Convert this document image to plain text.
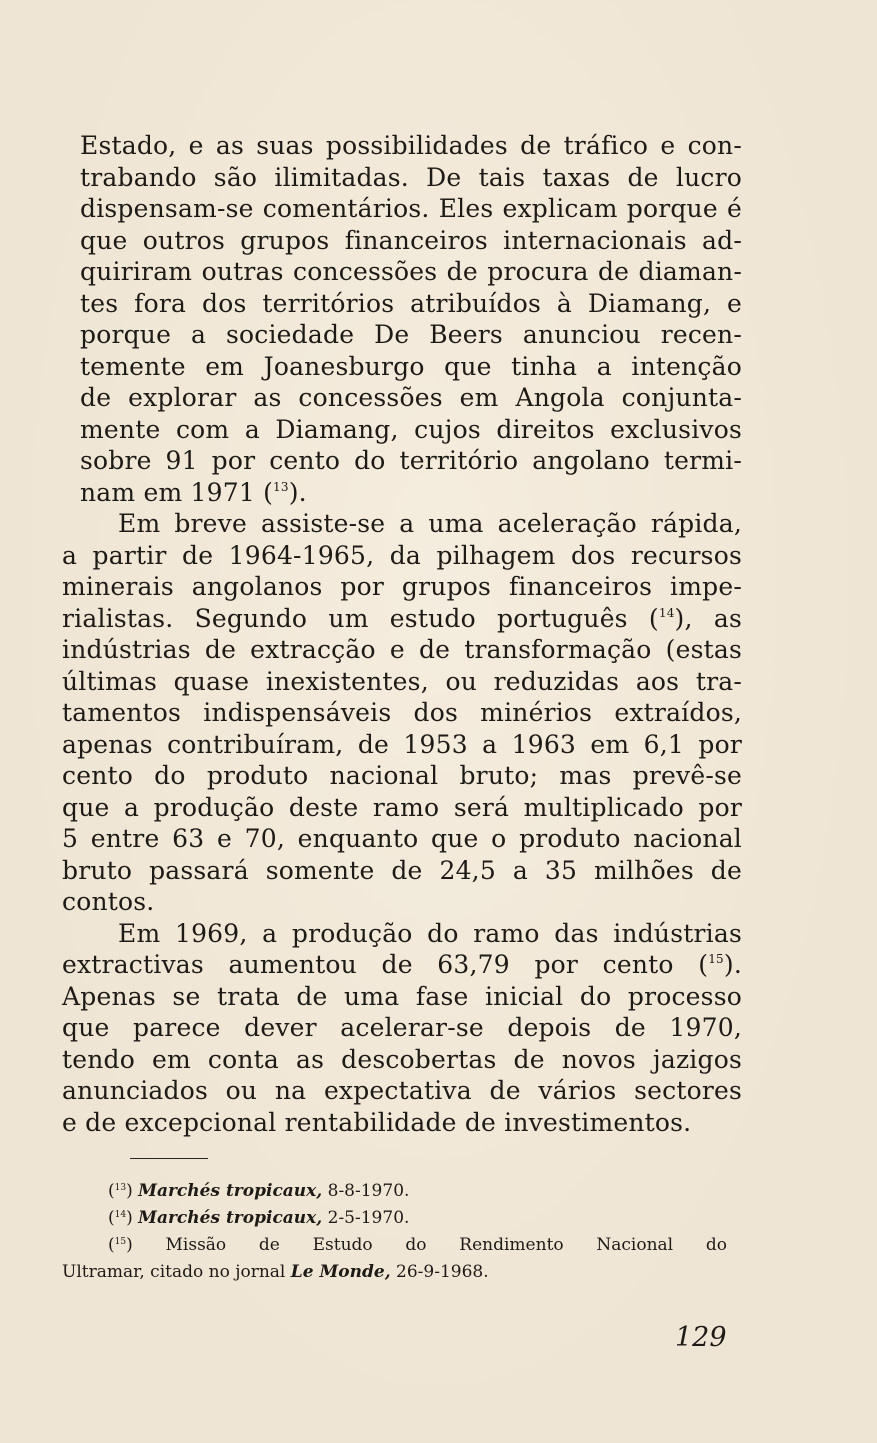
Estado, e as suas possibilidades de tráfico e con-
trabando são ilimitadas. De tais taxas de lucro
dispensam-se comentários. Eles explicam porque é
que outros grupos financeiros internacionais ad-
quiriram outras concessões de procura de diaman-
tes fora dos territórios atribuídos à Diamang, e
porque a sociedade De Beers anunciou recen-
temente em Joanesburgo que tinha a intenção
de explorar as concessões em Angola conjunta-
mente com a Diamang, cujos direitos exclusivos
sobre 91 por cento do território angolano termi-
nam em 1971 ($^{13}$).

Em breve assiste-se a uma aceleração rápida,
a partir de 1964-1965, da pilhagem dos recursos
minerais angolanos por grupos financeiros impe-
rialistas. Segundo um estudo português ($^{14}$), as
indústrias de extracção e de transformação (estas
últimas quase inexistentes, ou reduzidas aos tra-
tamentos indispensáveis dos minérios extraídos,
apenas contribuíram, de 1953 a 1963 em 6,1 por
cento do produto nacional bruto; mas prevê-se
que a produção deste ramo será multiplicado por
5 entre 63 e 70, enquanto que o produto nacional
bruto passará somente de 24,5 a 35 milhões de
contos.

Em 1969, a produção do ramo das indústrias
extractivas aumentou de 63,79 por cento ($^{15}$).
Apenas se trata de uma fase inicial do processo
que parece dever acelerar-se depois de 1970,
tendo em conta as descobertas de novos jazigos
anunciados ou na expectativa de vários sectores
e de excepcional rentabilidade de investimentos.

($^{13}$) Marchés tropicaux, 8-8-1970.
($^{14}$) Marchés tropicaux, 2-5-1970.
($^{15}$) Missão de Estudo do Rendimento Nacional do
Ultramar, citado no jornal Le Monde, 26-9-1968.
129
